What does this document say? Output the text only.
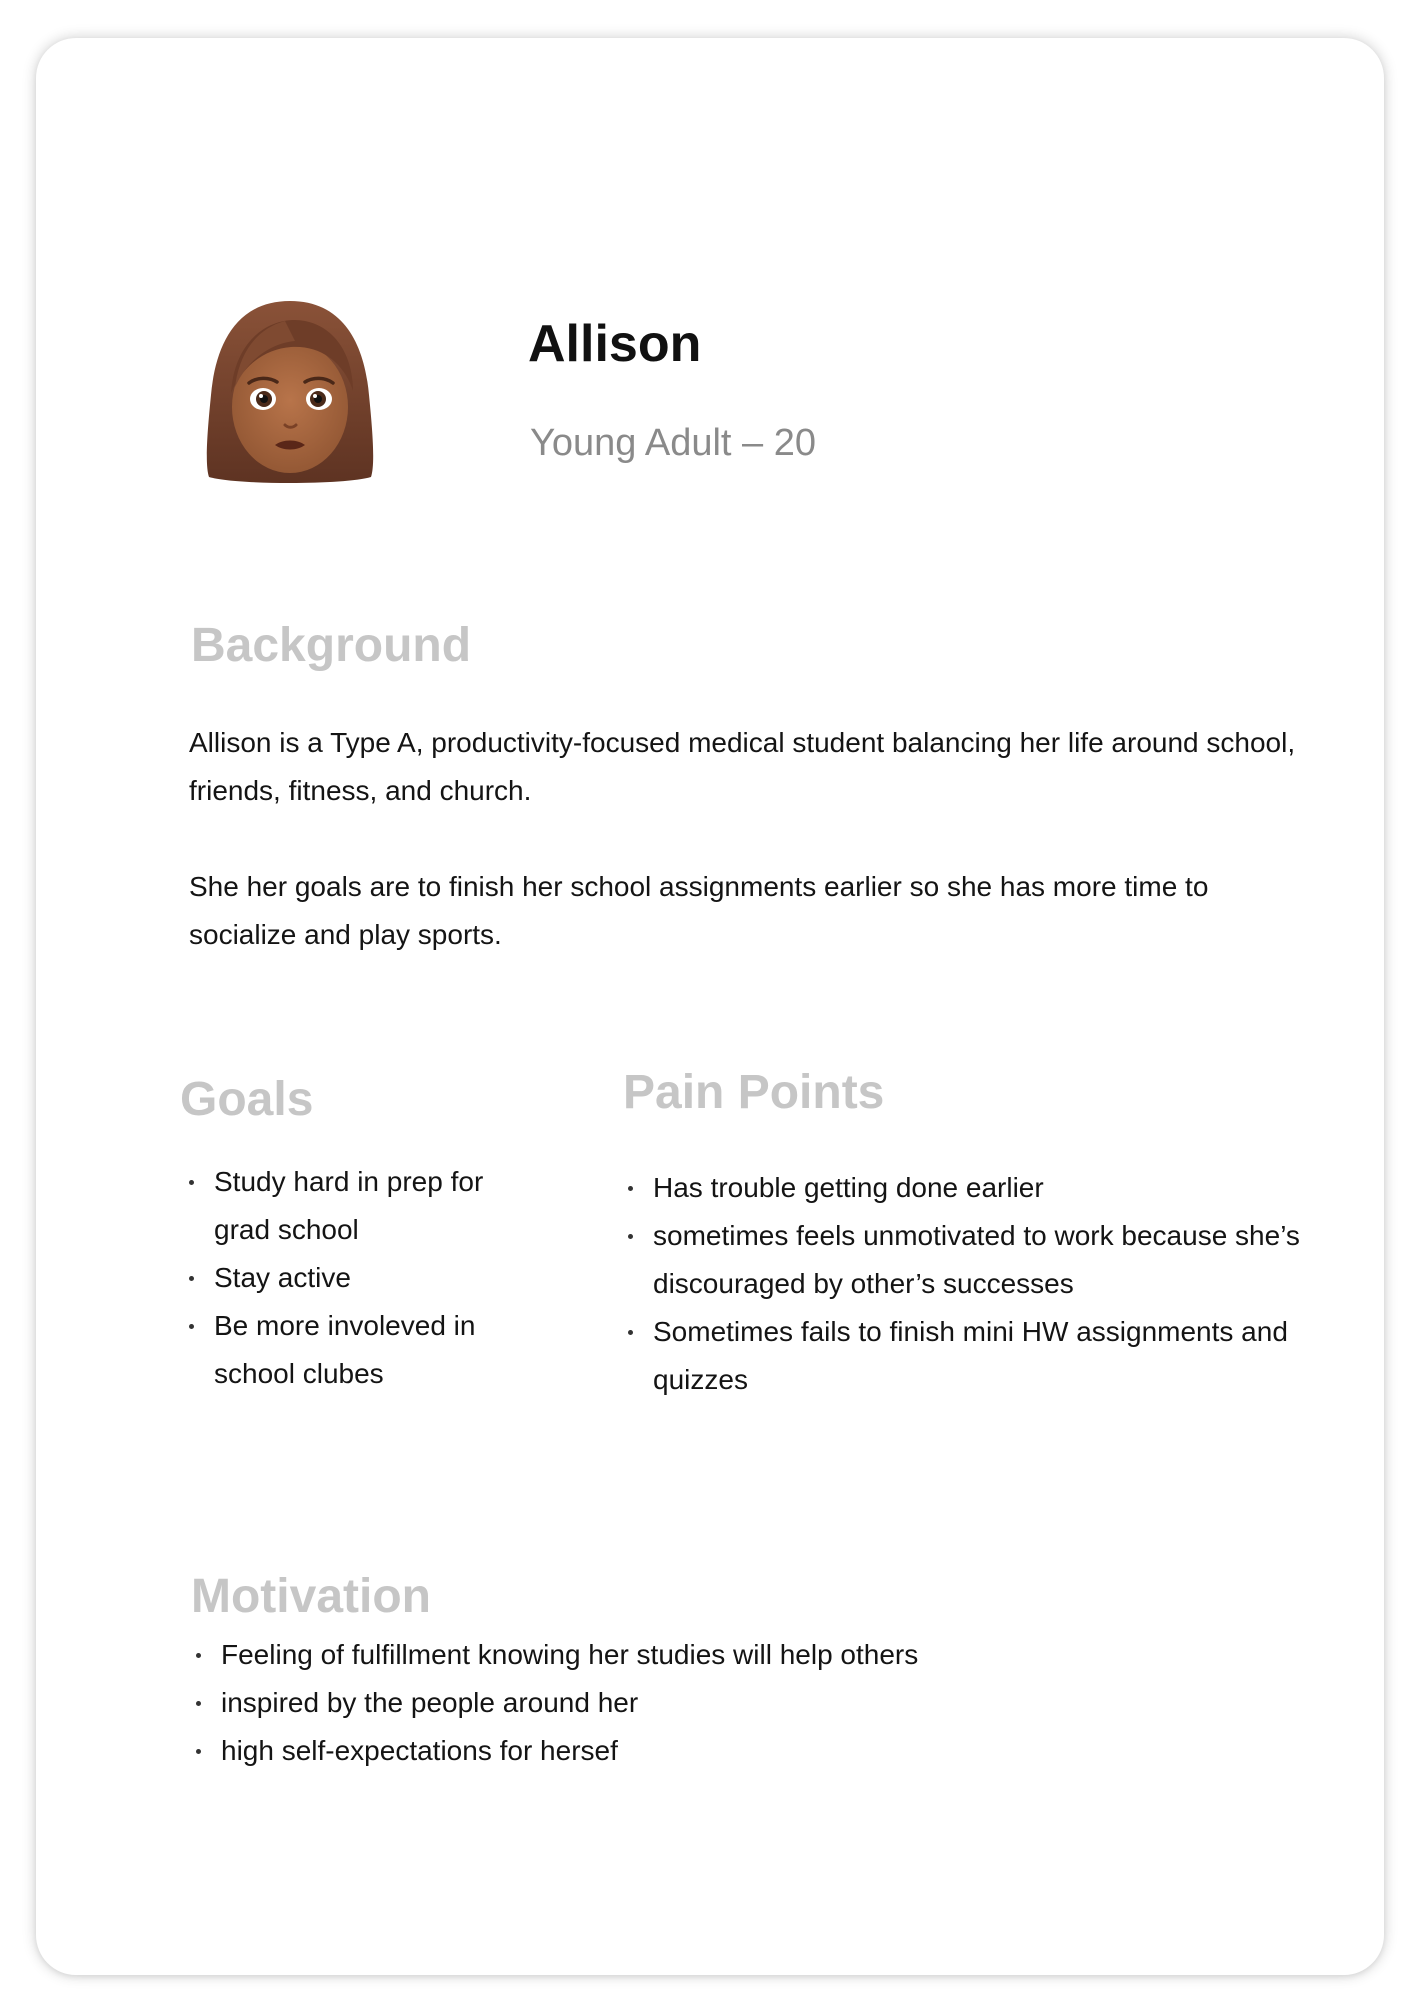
Allison
Young Adult – 20
Background

Allison is a Type A, productivity-focused medical student balancing her life around school, friends, fitness, and church.

She her goals are to finish her school assignments earlier so she has more time to socialize and play sports.

Goals
Study hard in prep for grad school
Stay active
Be more involeved in school clubes
Pain Points
Has trouble getting done earlier
sometimes feels unmotivated to work because she’s discouraged by other’s successes
Sometimes fails to finish mini HW assignments and quizzes
Motivation
Feeling of fulfillment knowing her studies will help others
inspired by the people around her
high self-expectations for hersef
